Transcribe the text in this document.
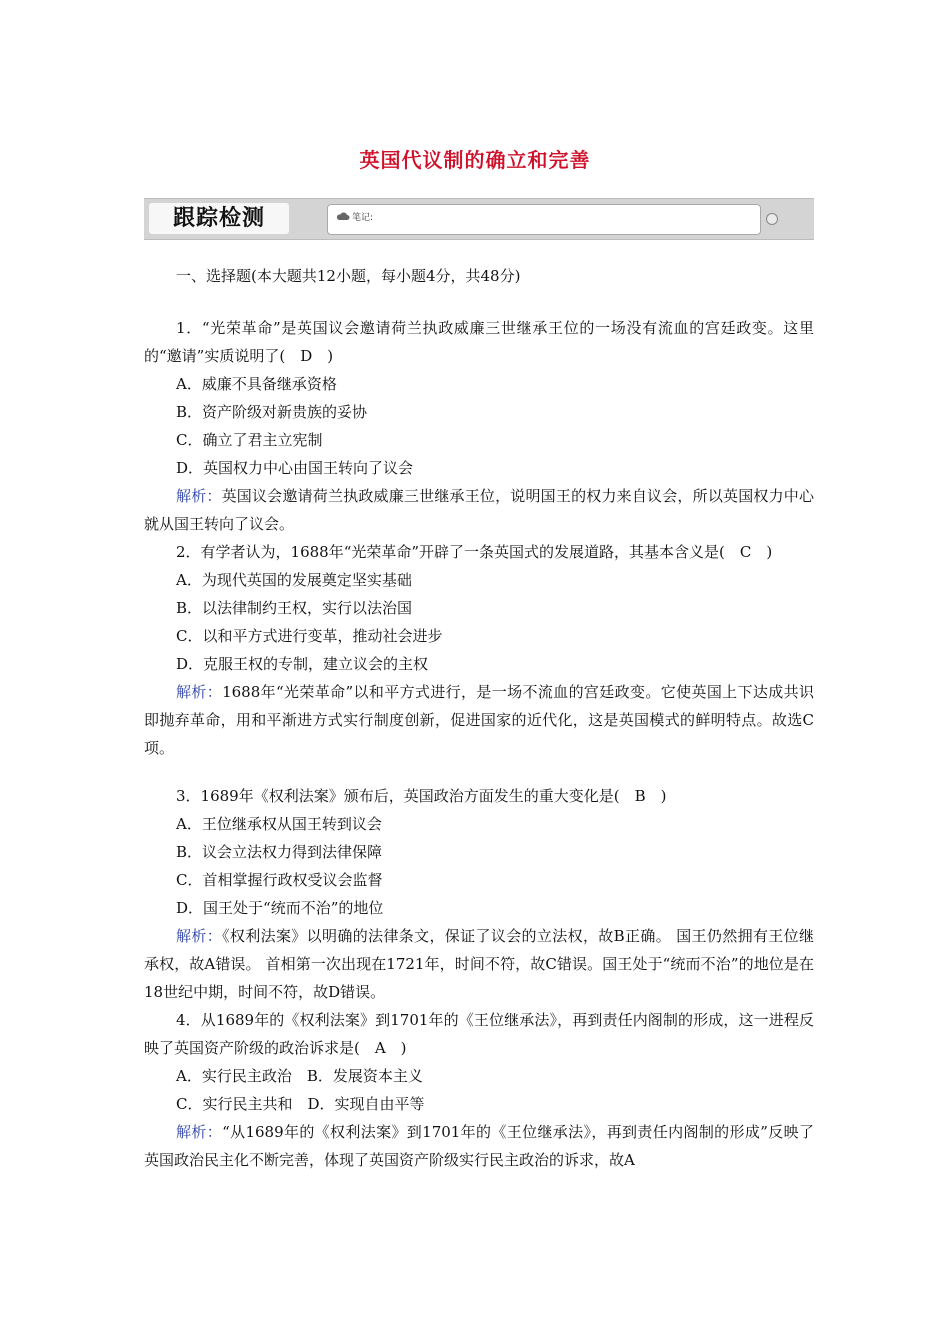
英国代议制的确立和完善
跟踪检测	笔记:

一、选择题(本大题共12小题，每小题4分，共48分)

1．“光荣革命”是英国议会邀请荷兰执政威廉三世继承王位的一场没有流血的宫廷政变。这里的“邀请”实质说明了(　D　)

A．威廉不具备继承资格

B．资产阶级对新贵族的妥协

C．确立了君主立宪制

D．英国权力中心由国王转向了议会

解析：英国议会邀请荷兰执政威廉三世继承王位，说明国王的权力来自议会，所以英国权力中心就从国王转向了议会。

2．有学者认为，1688年“光荣革命”开辟了一条英国式的发展道路，其基本含义是(　C　)

A．为现代英国的发展奠定坚实基础

B．以法律制约王权，实行以法治国

C．以和平方式进行变革，推动社会进步

D．克服王权的专制，建立议会的主权

解析：1688年“光荣革命”以和平方式进行，是一场不流血的宫廷政变。它使英国上下达成共识即抛弃革命，用和平渐进方式实行制度创新，促进国家的近代化，这是英国模式的鲜明特点。故选C项。

3．1689年《权利法案》颁布后，英国政治方面发生的重大变化是(　B　)

A．王位继承权从国王转到议会

B．议会立法权力得到法律保障

C．首相掌握行政权受议会监督

D．国王处于“统而不治”的地位

解析：《权利法案》以明确的法律条文，保证了议会的立法权，故B正确。 国王仍然拥有王位继承权，故A错误。 首相第一次出现在1721年，时间不符，故C错误。国王处于“统而不治”的地位是在18世纪中期，时间不符，故D错误。

4．从1689年的《权利法案》到1701年的《王位继承法》，再到责任内阁制的形成，这一进程反映了英国资产阶级的政治诉求是(　A　)

A．实行民主政治　B．发展资本主义

C．实行民主共和　D．实现自由平等

解析：“从1689年的《权利法案》到1701年的《王位继承法》，再到责任内阁制的形成”反映了英国政治民主化不断完善，体现了英国资产阶级实行民主政治的诉求，故A
